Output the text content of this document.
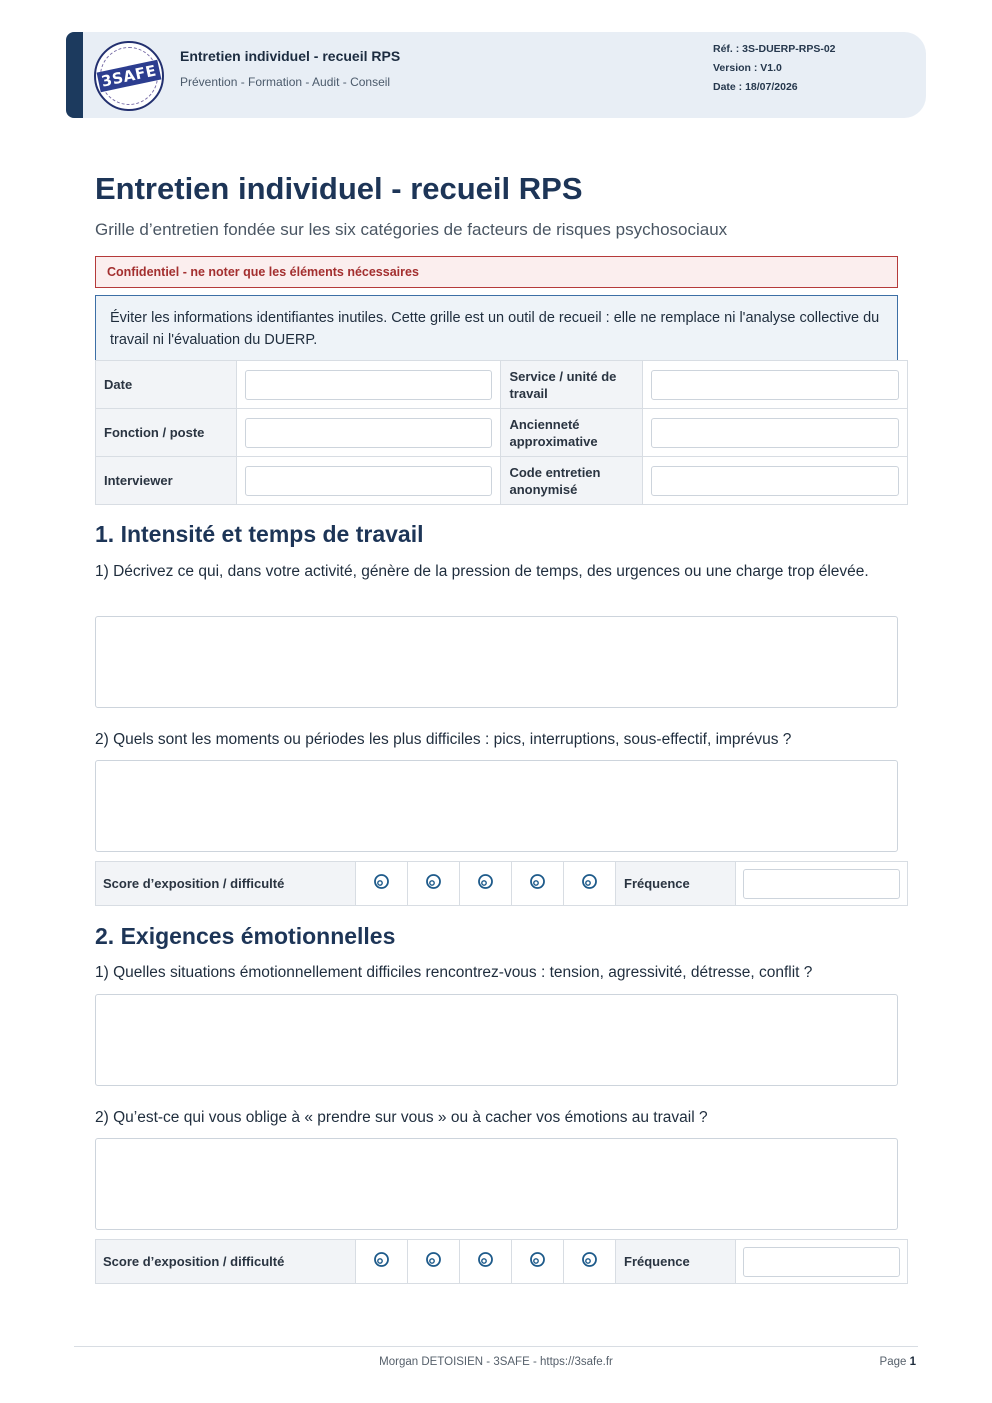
3SAFE
Entretien individuel - recueil RPS
Prévention - Formation - Audit - Conseil
Réf. : 3S-DUERP-RPS-02
Version : V1.0
Date : 18/07/2026
Entretien individuel - recueil RPS
Grille d’entretien fondée sur les six catégories de facteurs de risques psychosociaux
Confidentiel - ne noter que les éléments nécessaires
Éviter les informations identifiantes inutiles. Cette grille est un outil de recueil : elle ne remplace ni l'analyse collective du travail ni l'évaluation du DUERP.
Date		Service / unité de travail	

Fonction / poste		Ancienneté approximative	

Interviewer		Code entretien anonymisé	
1. Intensité et temps de travail
1) Décrivez ce qui, dans votre activité, génère de la pression de temps, des urgences ou une charge trop élevée.
2) Quels sont les moments ou périodes les plus difficiles : pics, interruptions, sous-effectif, imprévus ?
Score d’exposition / difficulté						Fréquence	
2. Exigences émotionnelles
1) Quelles situations émotionnellement difficiles rencontrez-vous : tension, agressivité, détresse, conflit ?
2) Qu’est-ce qui vous oblige à « prendre sur vous » ou à cacher vos émotions au travail ?
Score d’exposition / difficulté						Fréquence	
Morgan DETOISIEN - 3SAFE - https://3safe.fr	Page 1
